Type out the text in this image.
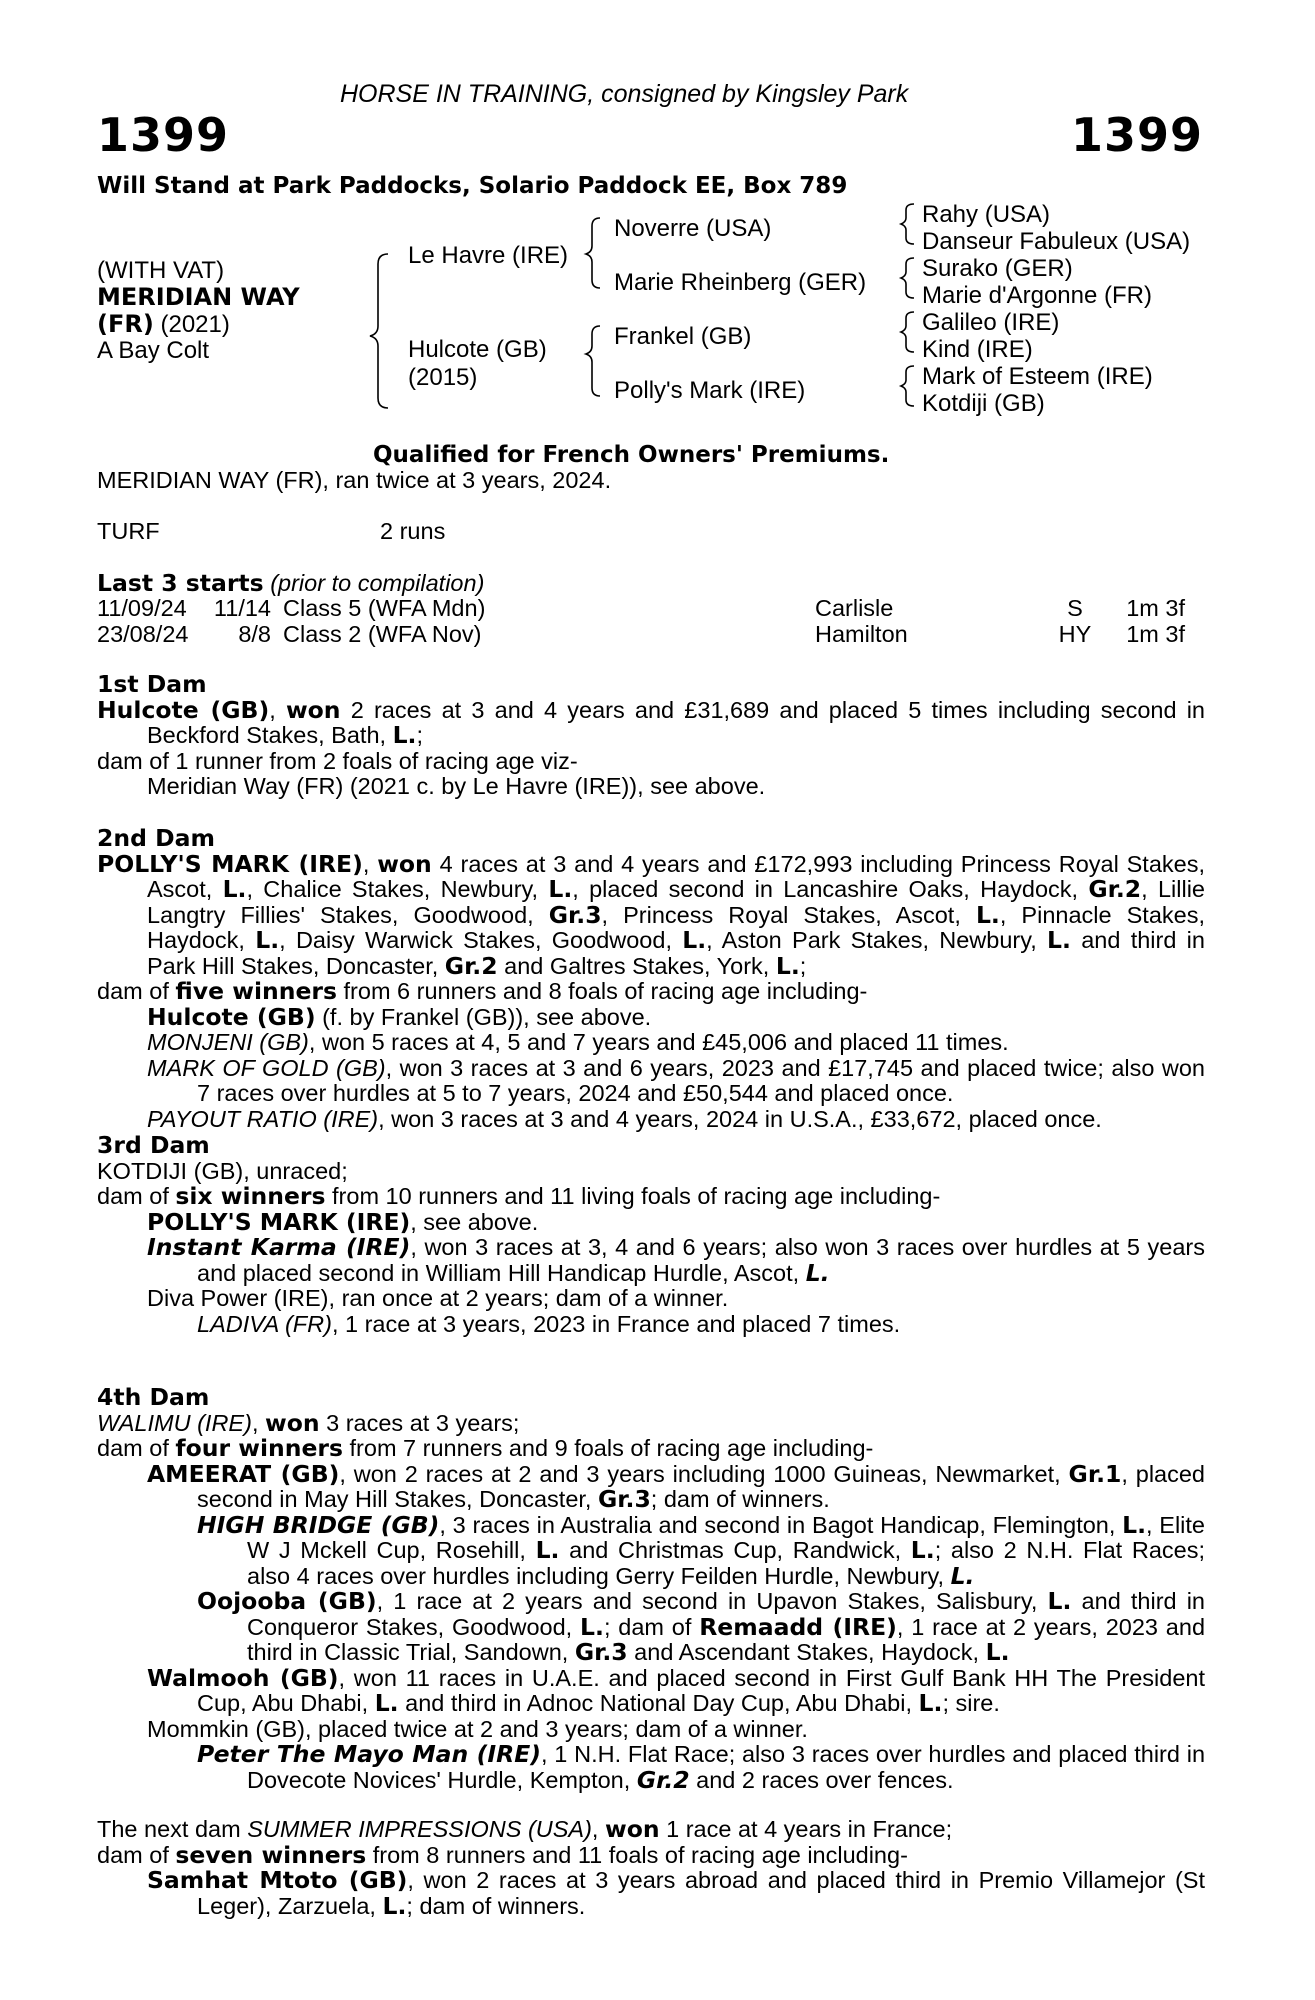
HORSE IN TRAINING, consigned by Kingsley Park
1399	1399
Will Stand at Park Paddocks, Solario Paddock EE, Box 789
(WITH VAT)
MERIDIAN WAY
(FR) (2021)
A Bay Colt
Le Havre (IRE)
Hulcote (GB)
(2015)
Noverre (USA)
Marie Rheinberg (GER)
Frankel (GB)
Polly's Mark (IRE)
Rahy (USA)
Danseur Fabuleux (USA)
Surako (GER)
Marie d'Argonne (FR)
Galileo (IRE)
Kind (IRE)
Mark of Esteem (IRE)
Kotdiji (GB)
Qualified for French Owners' Premiums.
MERIDIAN WAY (FR), ran twice at 3 years, 2024.
TURF	2 runs
Last 3 starts (prior to compilation)
11/09/24	11/14	Class 5 (WFA Mdn)	Carlisle	S	1m 3f
23/08/24	8/8	Class 2 (WFA Nov)	Hamilton	HY	1m 3f

1st Dam

Hulcote (GB), won 2 races at 3 and 4 years and £31,689 and placed 5 times including second in Beckford Stakes, Bath, L.;

dam of 1 runner from 2 foals of racing age viz-

Meridian Way (FR) (2021 c. by Le Havre (IRE)), see above.

2nd Dam

POLLY'S MARK (IRE), won 4 races at 3 and 4 years and £172,993 including Princess Royal Stakes, Ascot, L., Chalice Stakes, Newbury, L., placed second in Lancashire Oaks, Haydock, Gr.2, Lillie Langtry Fillies' Stakes, Goodwood, Gr.3, Princess Royal Stakes, Ascot, L., Pinnacle Stakes, Haydock, L., Daisy Warwick Stakes, Goodwood, L., Aston Park Stakes, Newbury, L. and third in Park Hill Stakes, Doncaster, Gr.2 and Galtres Stakes, York, L.;

dam of five winners from 6 runners and 8 foals of racing age including-

Hulcote (GB) (f. by Frankel (GB)), see above.

MONJENI (GB), won 5 races at 4, 5 and 7 years and £45,006 and placed 11 times.

MARK OF GOLD (GB), won 3 races at 3 and 6 years, 2023 and £17,745 and placed twice; also won 7 races over hurdles at 5 to 7 years, 2024 and £50,544 and placed once.

PAYOUT RATIO (IRE), won 3 races at 3 and 4 years, 2024 in U.S.A., £33,672, placed once.

3rd Dam

KOTDIJI (GB), unraced;

dam of six winners from 10 runners and 11 living foals of racing age including-

POLLY'S MARK (IRE), see above.

Instant Karma (IRE), won 3 races at 3, 4 and 6 years; also won 3 races over hurdles at 5 years and placed second in William Hill Handicap Hurdle, Ascot, L.

Diva Power (IRE), ran once at 2 years; dam of a winner.

LADIVA (FR), 1 race at 3 years, 2023 in France and placed 7 times.

4th Dam

WALIMU (IRE), won 3 races at 3 years;

dam of four winners from 7 runners and 9 foals of racing age including-

AMEERAT (GB), won 2 races at 2 and 3 years including 1000 Guineas, Newmarket, Gr.1, placed second in May Hill Stakes, Doncaster, Gr.3; dam of winners.

HIGH BRIDGE (GB), 3 races in Australia and second in Bagot Handicap, Flemington, L., Elite W J Mckell Cup, Rosehill, L. and Christmas Cup, Randwick, L.; also 2 N.H. Flat Races; also 4 races over hurdles including Gerry Feilden Hurdle, Newbury, L.

Oojooba (GB), 1 race at 2 years and second in Upavon Stakes, Salisbury, L. and third in Conqueror Stakes, Goodwood, L.; dam of Remaadd (IRE), 1 race at 2 years, 2023 and third in Classic Trial, Sandown, Gr.3 and Ascendant Stakes, Haydock, L.

Walmooh (GB), won 11 races in U.A.E. and placed second in First Gulf Bank HH The President Cup, Abu Dhabi, L. and third in Adnoc National Day Cup, Abu Dhabi, L.; sire.

Mommkin (GB), placed twice at 2 and 3 years; dam of a winner.

Peter The Mayo Man (IRE), 1 N.H. Flat Race; also 3 races over hurdles and placed third in Dovecote Novices' Hurdle, Kempton, Gr.2 and 2 races over fences.

The next dam SUMMER IMPRESSIONS (USA), won 1 race at 4 years in France;

dam of seven winners from 8 runners and 11 foals of racing age including-

Samhat Mtoto (GB), won 2 races at 3 years abroad and placed third in Premio Villamejor (St Leger), Zarzuela, L.; dam of winners.
